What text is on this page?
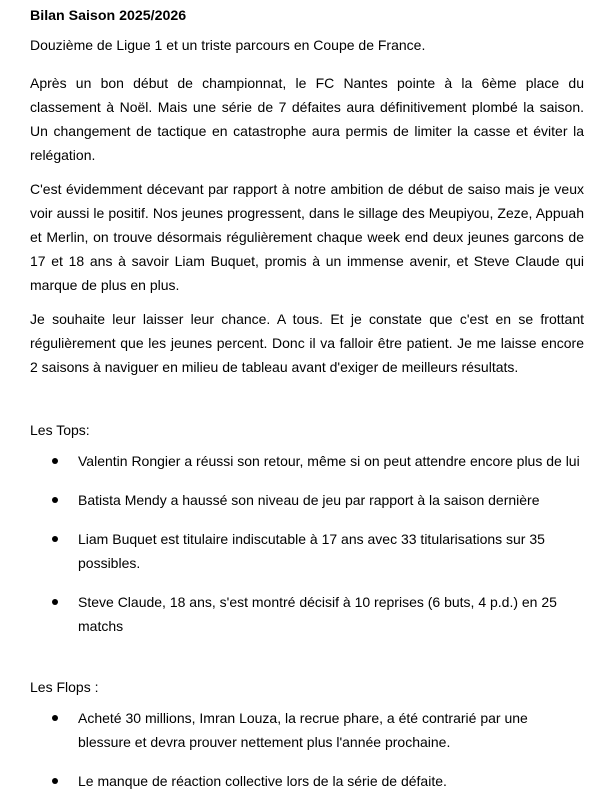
Bilan Saison 2025/2026
Douzième de Ligue 1 et un triste parcours en Coupe de France.
Après un bon début de championnat, le FC Nantes pointe à la 6ème place du classement à Noël. Mais une série de 7 défaites aura définitivement plombé la saison. Un changement de tactique en catastrophe aura permis de limiter la casse et éviter la relégation.
C'est évidemment décevant par rapport à notre ambition de début de saiso mais je veux voir aussi le positif. Nos jeunes progressent, dans le sillage des Meupiyou, Zeze, Appuah et Merlin, on trouve désormais régulièrement chaque week end deux jeunes garcons de 17 et 18 ans à savoir Liam Buquet, promis à un immense avenir, et Steve Claude qui marque de plus en plus.
Je souhaite leur laisser leur chance. A tous. Et je constate que c'est en se frottant régulièrement que les jeunes percent. Donc il va falloir être patient. Je me laisse encore 2 saisons à naviguer en milieu de tableau avant d'exiger de meilleurs résultats.
Les Tops:
Valentin Rongier a réussi son retour, même si on peut attendre encore plus de lui
Batista Mendy a haussé son niveau de jeu par rapport à la saison dernière
Liam Buquet est titulaire indiscutable à 17 ans avec 33 titularisations sur 35 possibles.
Steve Claude, 18 ans, s'est montré décisif à 10 reprises (6 buts, 4 p.d.) en 25 matchs
Les Flops :
Acheté 30 millions, Imran Louza, la recrue phare, a été contrarié par une blessure et devra prouver nettement plus l'année prochaine.
Le manque de réaction collective lors de la série de défaite.
